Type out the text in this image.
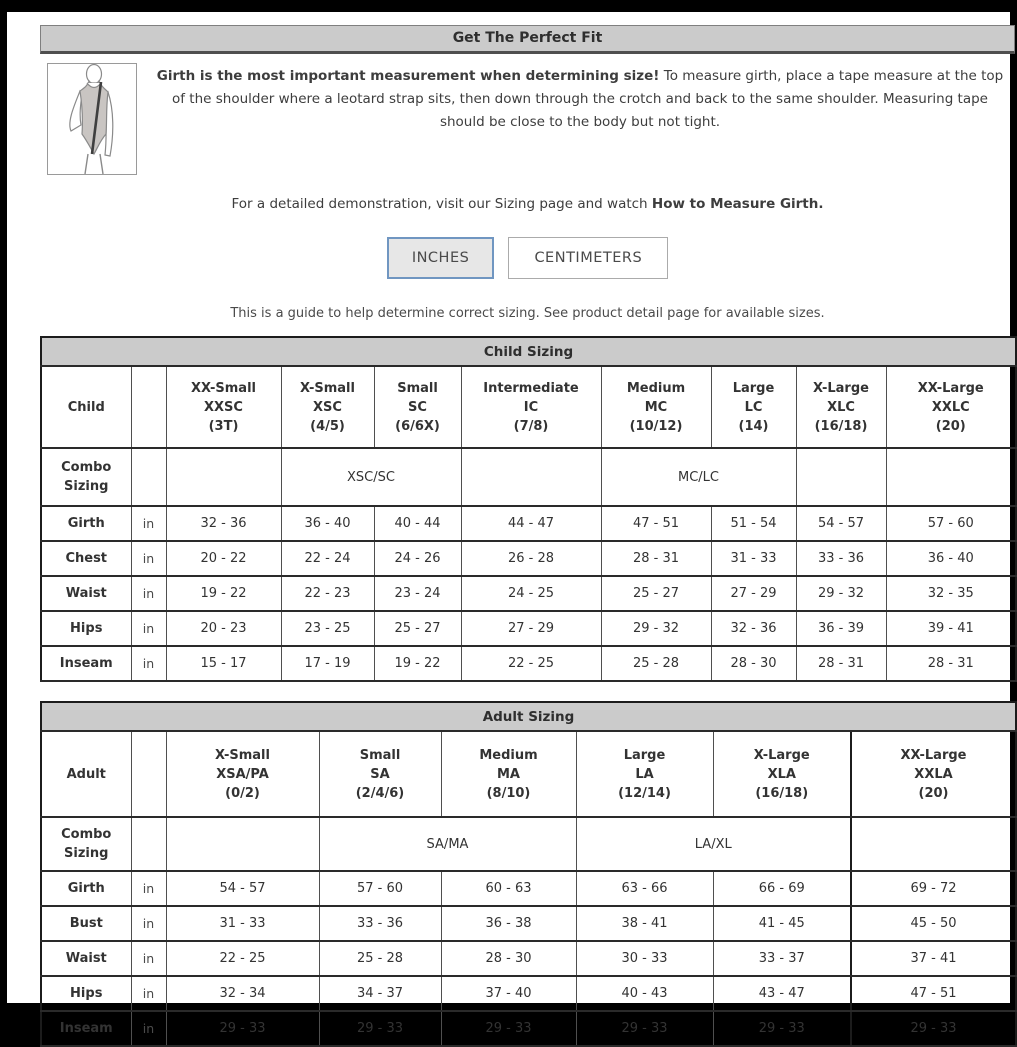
Get The Perfect Fit
Girth is the most important measurement when determining size! To measure girth, place a tape measure at the top of the shoulder where a leotard strap sits, then down through the crotch and back to the same shoulder. Measuring tape should be close to the body but not tight.
For a detailed demonstration, visit our Sizing page and watch How to Measure Girth.
INCHES	CENTIMETERS
This is a guide to help determine correct sizing. See product detail page for available sizes.
Child Sizing									
Child		
XX-Small
XXSC
(3T)

X-Small
XSC
(4/5)

Small
SC
(6/6X)

Intermediate
IC
(7/8)

Medium
MC
(10/12)

Large
LC
(14)

X-Large
XLC
(16/18)

XX-Large
XXLC
(20)

Combo Sizing			XSC/SC			MC/LC			
Girth	in	32 - 36	36 - 40	40 - 44	44 - 47	47 - 51	51 - 54	54 - 57	57 - 60
Chest	in	20 - 22	22 - 24	24 - 26	26 - 28	28 - 31	31 - 33	33 - 36	36 - 40
Waist	in	19 - 22	22 - 23	23 - 24	24 - 25	25 - 27	27 - 29	29 - 32	32 - 35
Hips	in	20 - 23	23 - 25	25 - 27	27 - 29	29 - 32	32 - 36	36 - 39	39 - 41
Inseam	in	15 - 17	17 - 19	19 - 22	22 - 25	25 - 28	28 - 30	28 - 31	28 - 31
Adult Sizing							
Adult		
X-Small
XSA/PA
(0/2)

Small
SA
(2/4/6)

Medium
MA
(8/10)

Large
LA
(12/14)

X-Large
XLA
(16/18)

XX-Large
XXLA
(20)

Combo Sizing			SA/MA		LA/XL		
Girth	in	54 - 57	57 - 60	60 - 63	63 - 66	66 - 69	69 - 72
Bust	in	31 - 33	33 - 36	36 - 38	38 - 41	41 - 45	45 - 50
Waist	in	22 - 25	25 - 28	28 - 30	30 - 33	33 - 37	37 - 41
Hips	in	32 - 34	34 - 37	37 - 40	40 - 43	43 - 47	47 - 51
Inseam	in	29 - 33	29 - 33	29 - 33	29 - 33	29 - 33	29 - 33
